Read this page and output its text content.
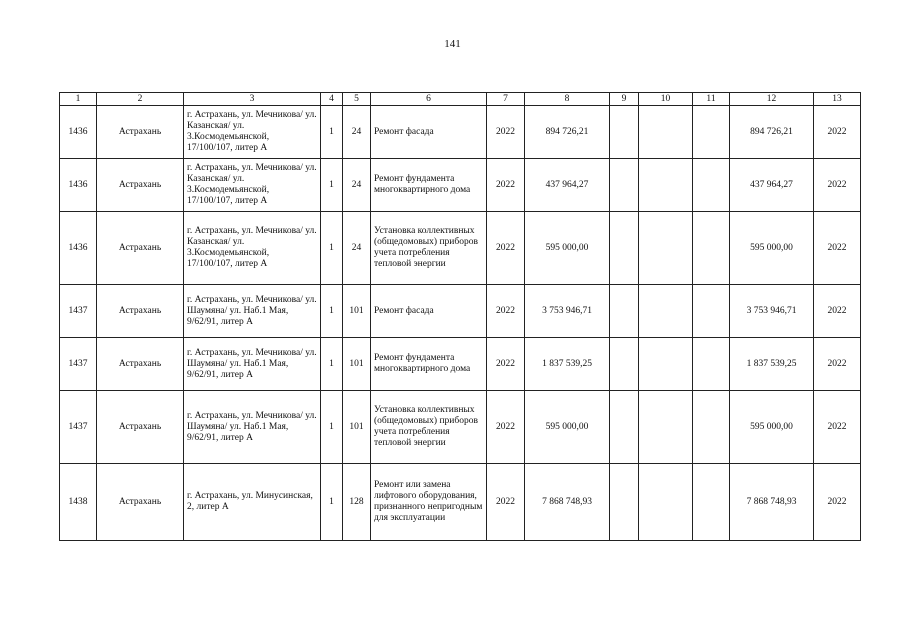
141
1	2	3	4	5	6	7	8	9	10	11	12	13
1436	Астрахань	г. Астрахань, ул. Мечникова/ ул. Казанская/ ул. 3.Космодемьянской, 17/100/107, литер А	1	24	Ремонт фасада	2022	894 726,21				894 726,21	2022
1436	Астрахань	г. Астрахань, ул. Мечникова/ ул. Казанская/ ул. 3.Космодемьянской, 17/100/107, литер А	1	24	Ремонт фундамента многоквартирного дома	2022	437 964,27				437 964,27	2022
1436	Астрахань	г. Астрахань, ул. Мечникова/ ул. Казанская/ ул. 3.Космодемьянской, 17/100/107, литер А	1	24	Установка коллективных (общедомовых) приборов учета потребления тепловой энергии	2022	595 000,00				595 000,00	2022
1437	Астрахань	г. Астрахань, ул. Мечникова/ ул. Шаумяна/ ул. Наб.1 Мая, 9/62/91, литер А	1	101	Ремонт фасада	2022	3 753 946,71				3 753 946,71	2022
1437	Астрахань	г. Астрахань, ул. Мечникова/ ул. Шаумяна/ ул. Наб.1 Мая, 9/62/91, литер А	1	101	Ремонт фундамента многоквартирного дома	2022	1 837 539,25				1 837 539,25	2022
1437	Астрахань	г. Астрахань, ул. Мечникова/ ул. Шаумяна/ ул. Наб.1 Мая, 9/62/91, литер А	1	101	Установка коллективных (общедомовых) приборов учета потребления тепловой энергии	2022	595 000,00				595 000,00	2022
1438	Астрахань	г. Астрахань, ул. Минусинская, 2, литер А	1	128	Ремонт или замена лифтового оборудования, признанного непригодным для эксплуатации	2022	7 868 748,93				7 868 748,93	2022
